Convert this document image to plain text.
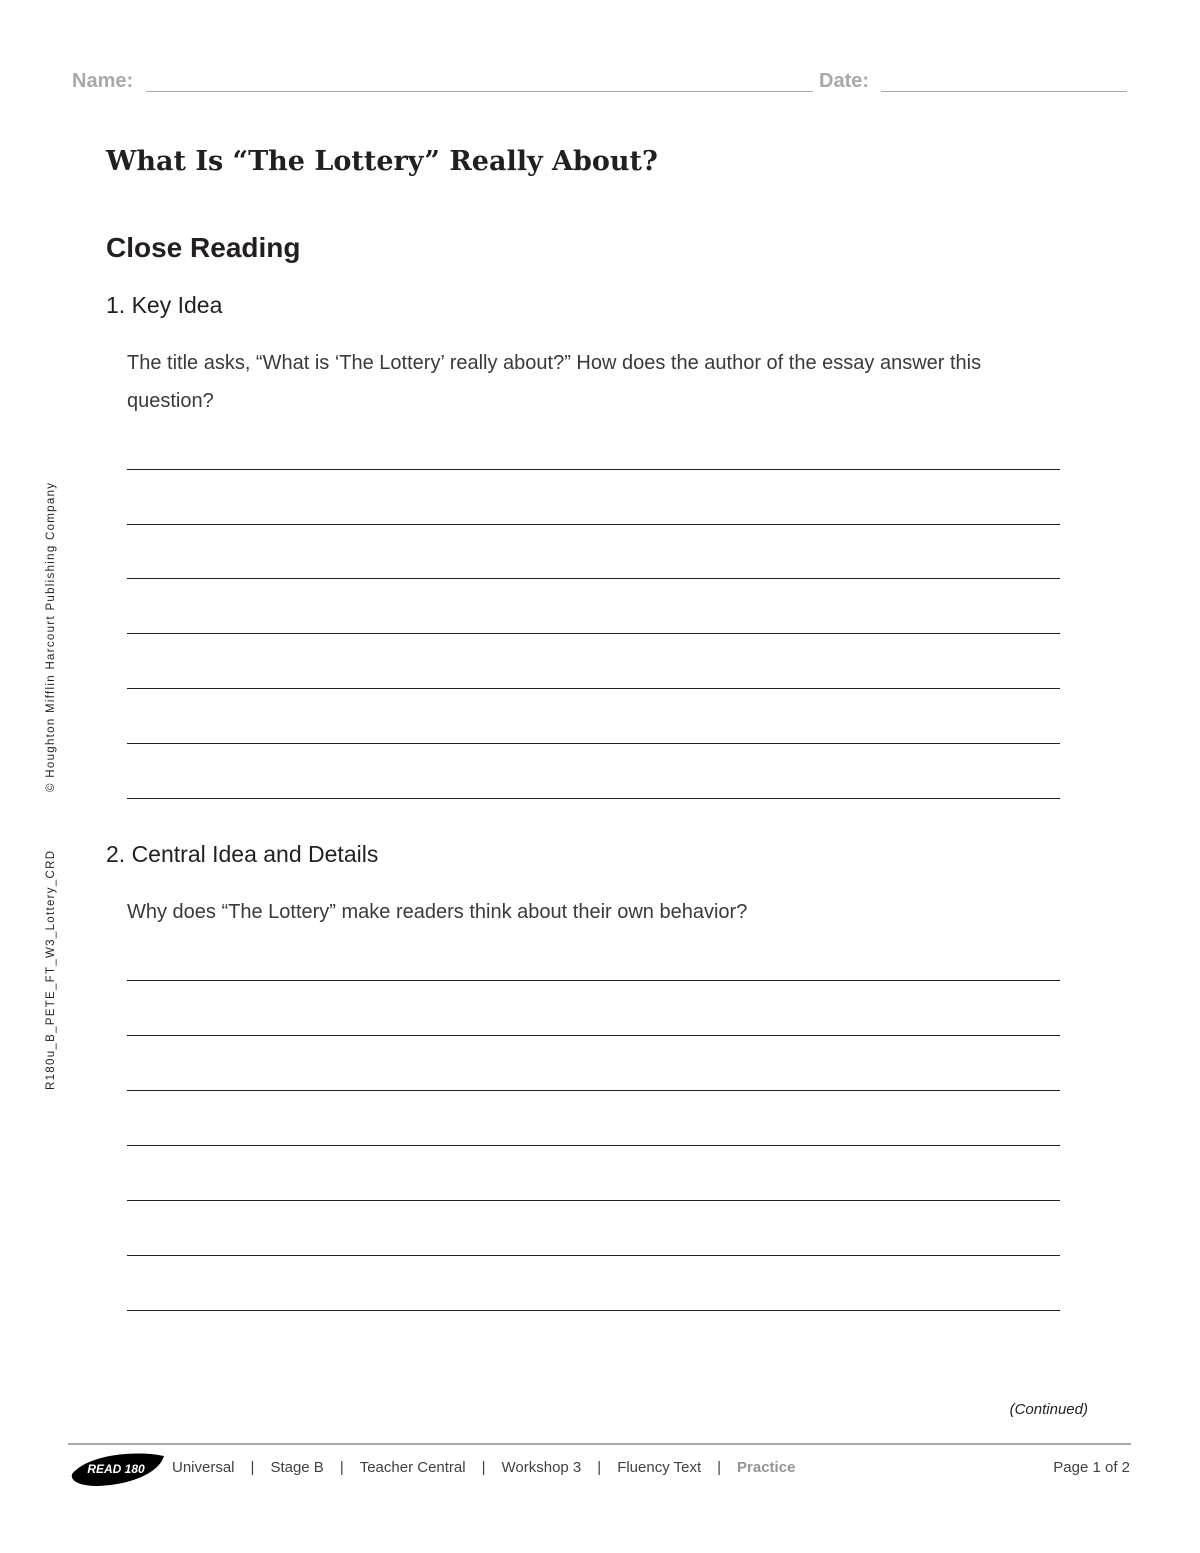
Name:	Date:
What Is “The Lottery” Really About?
Close Reading
1. Key Idea
The title asks, “What is ‘The Lottery’ really about?” How does the author of the essay answer this question?
2. Central Idea and Details
Why does “The Lottery” make readers think about their own behavior?
© Houghton Mifflin Harcourt Publishing Company
R180u_B_PETE_FT_W3_Lottery_CRD
(Continued)
READ 180 Universal | Stage B | Teacher Central | Workshop 3 | Fluency Text | Practice	Page 1 of 2
